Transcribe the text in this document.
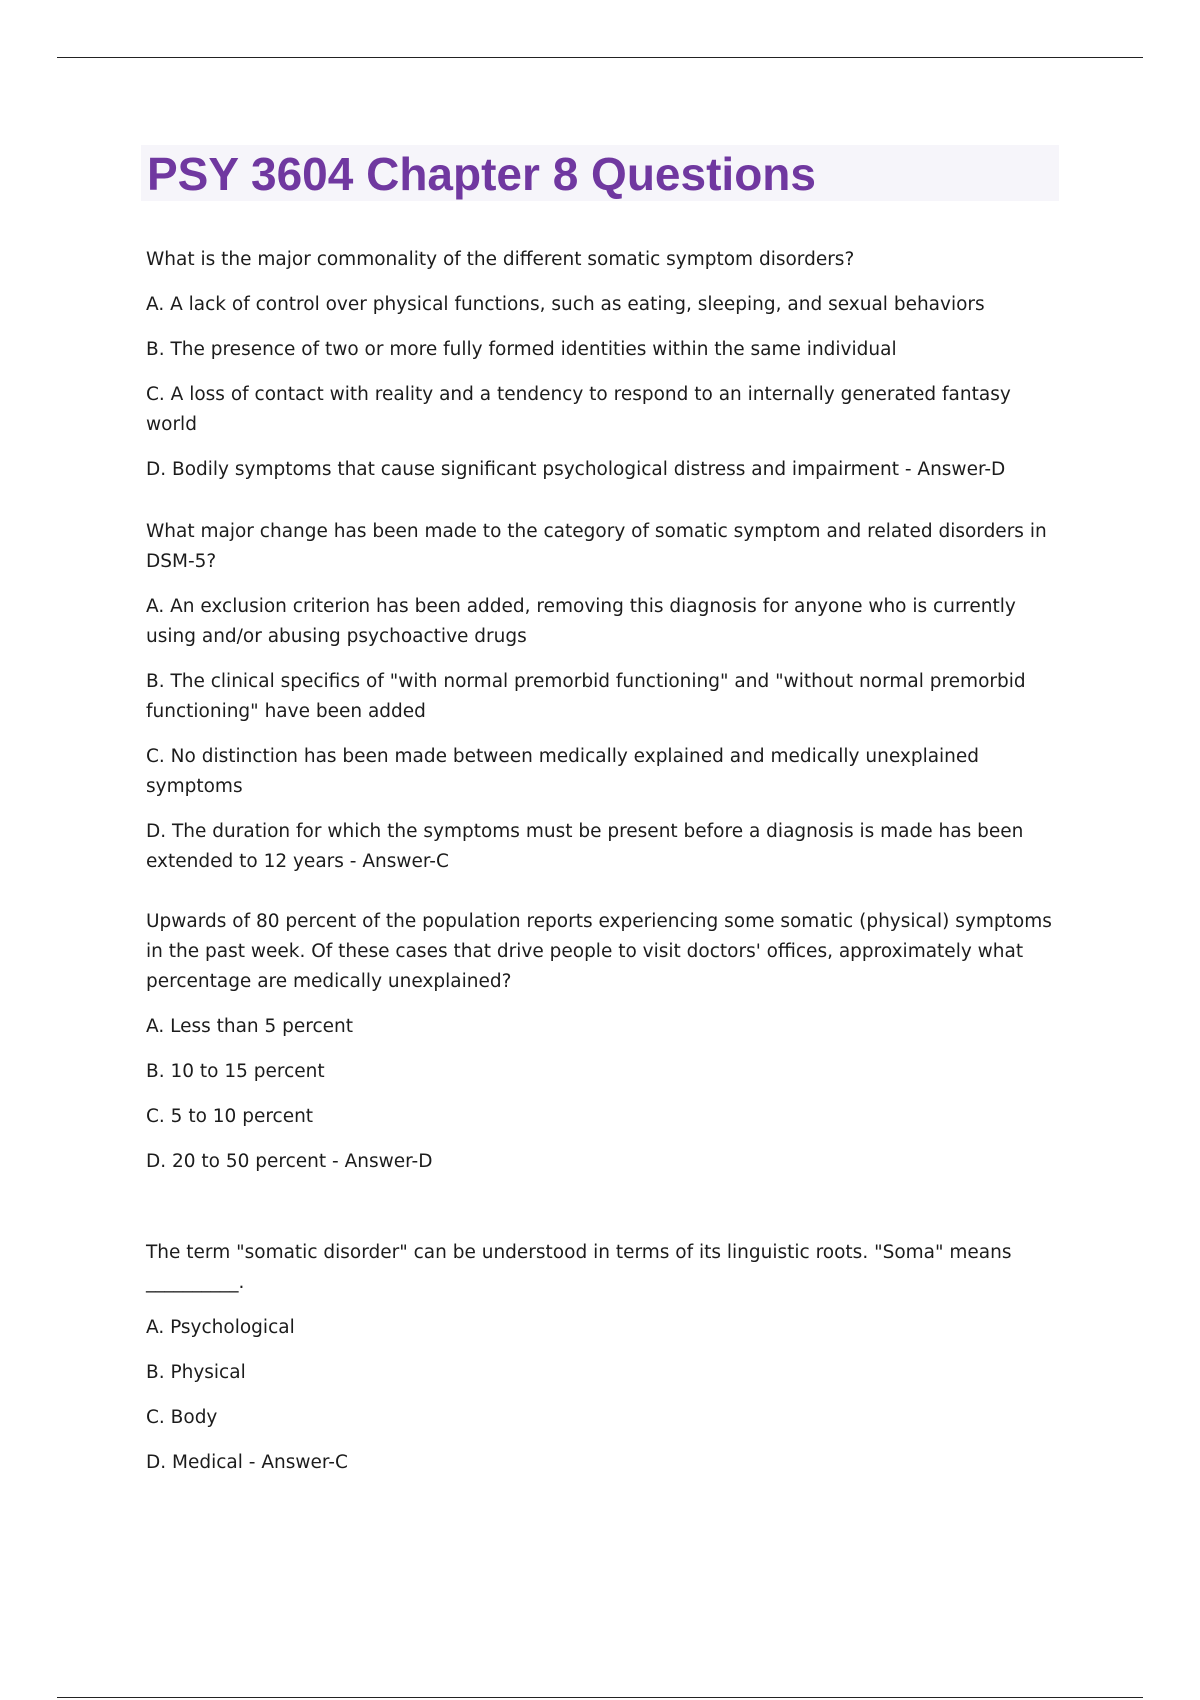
PSY 3604 Chapter 8 Questions

What is the major commonality of the different somatic symptom disorders?

A. A lack of control over physical functions, such as eating, sleeping, and sexual behaviors

B. The presence of two or more fully formed identities within the same individual

C. A loss of contact with reality and a tendency to respond to an internally generated fantasy world

D. Bodily symptoms that cause significant psychological distress and impairment - Answer-D

What major change has been made to the category of somatic symptom and related disorders in DSM-5?

A. An exclusion criterion has been added, removing this diagnosis for anyone who is currently using and/or abusing psychoactive drugs

B. The clinical specifics of "with normal premorbid functioning" and "without normal premorbid functioning" have been added

C. No distinction has been made between medically explained and medically unexplained symptoms

D. The duration for which the symptoms must be present before a diagnosis is made has been extended to 12 years - Answer-C

Upwards of 80 percent of the population reports experiencing some somatic (physical) symptoms in the past week. Of these cases that drive people to visit doctors' offices, approximately what percentage are medically unexplained?

A. Less than 5 percent

B. 10 to 15 percent

C. 5 to 10 percent

D. 20 to 50 percent - Answer-D

The term "somatic disorder" can be understood in terms of its linguistic roots. "Soma" means __________.

A. Psychological

B. Physical

C. Body

D. Medical - Answer-C
